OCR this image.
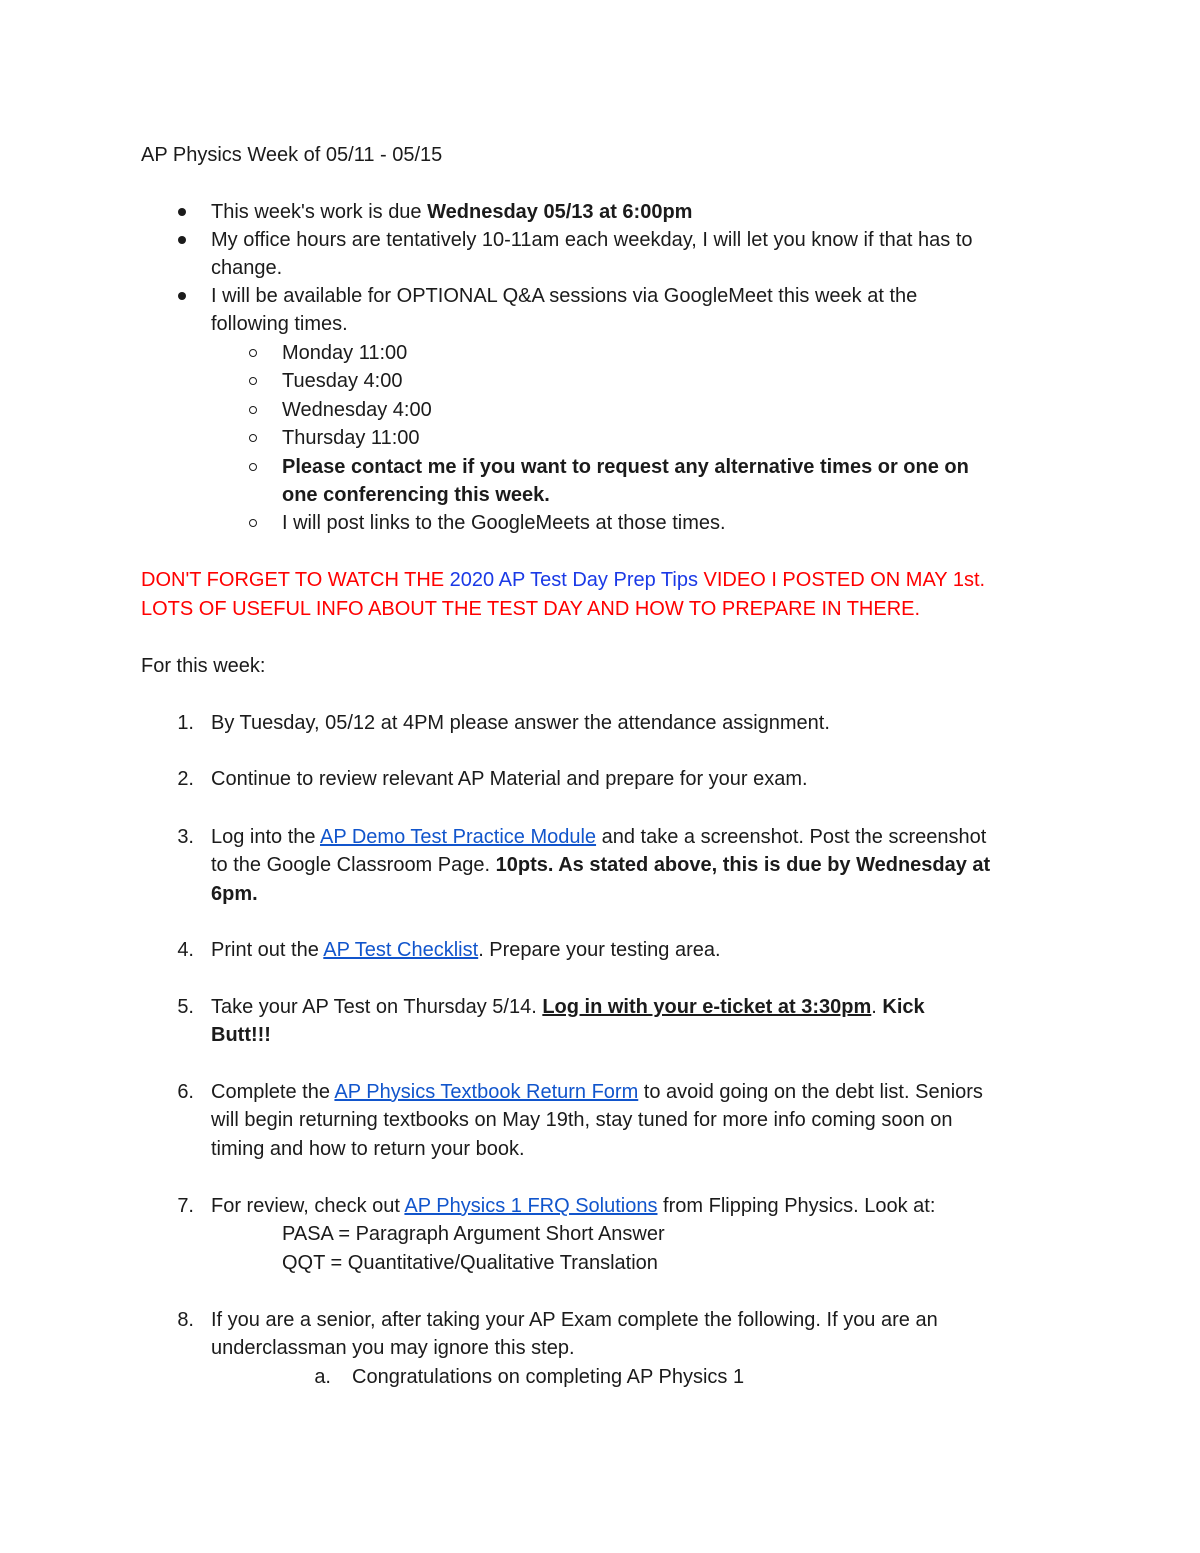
AP Physics Week of 05/11 - 05/15
This week's work is due Wednesday 05/13 at 6:00pm
My office hours are tentatively 10-11am each weekday, I will let you know if that has to
change.
I will be available for OPTIONAL Q&A sessions via GoogleMeet this week at the
following times.
Monday 11:00
Tuesday 4:00
Wednesday 4:00
Thursday 11:00
Please contact me if you want to request any alternative times or one on
one conferencing this week.
I will post links to the GoogleMeets at those times.
DON'T FORGET TO WATCH THE 2020 AP Test Day Prep Tips VIDEO I POSTED ON MAY 1st.
LOTS OF USEFUL INFO ABOUT THE TEST DAY AND HOW TO PREPARE IN THERE.
For this week:
1. By Tuesday, 05/12 at 4PM please answer the attendance assignment.
2. Continue to review relevant AP Material and prepare for your exam.
3. Log into the AP Demo Test Practice Module and take a screenshot. Post the screenshot
to the Google Classroom Page. 10pts. As stated above, this is due by Wednesday at
6pm.
4. Print out the AP Test Checklist. Prepare your testing area.
5. Take your AP Test on Thursday 5/14. Log in with your e-ticket at 3:30pm. Kick
Butt!!!
6. Complete the AP Physics Textbook Return Form to avoid going on the debt list. Seniors
will begin returning textbooks on May 19th, stay tuned for more info coming soon on
timing and how to return your book.
7. For review, check out AP Physics 1 FRQ Solutions from Flipping Physics. Look at:
PASA = Paragraph Argument Short Answer
QQT = Quantitative/Qualitative Translation
8. If you are a senior, after taking your AP Exam complete the following. If you are an
underclassman you may ignore this step.
a. Congratulations on completing AP Physics 1
